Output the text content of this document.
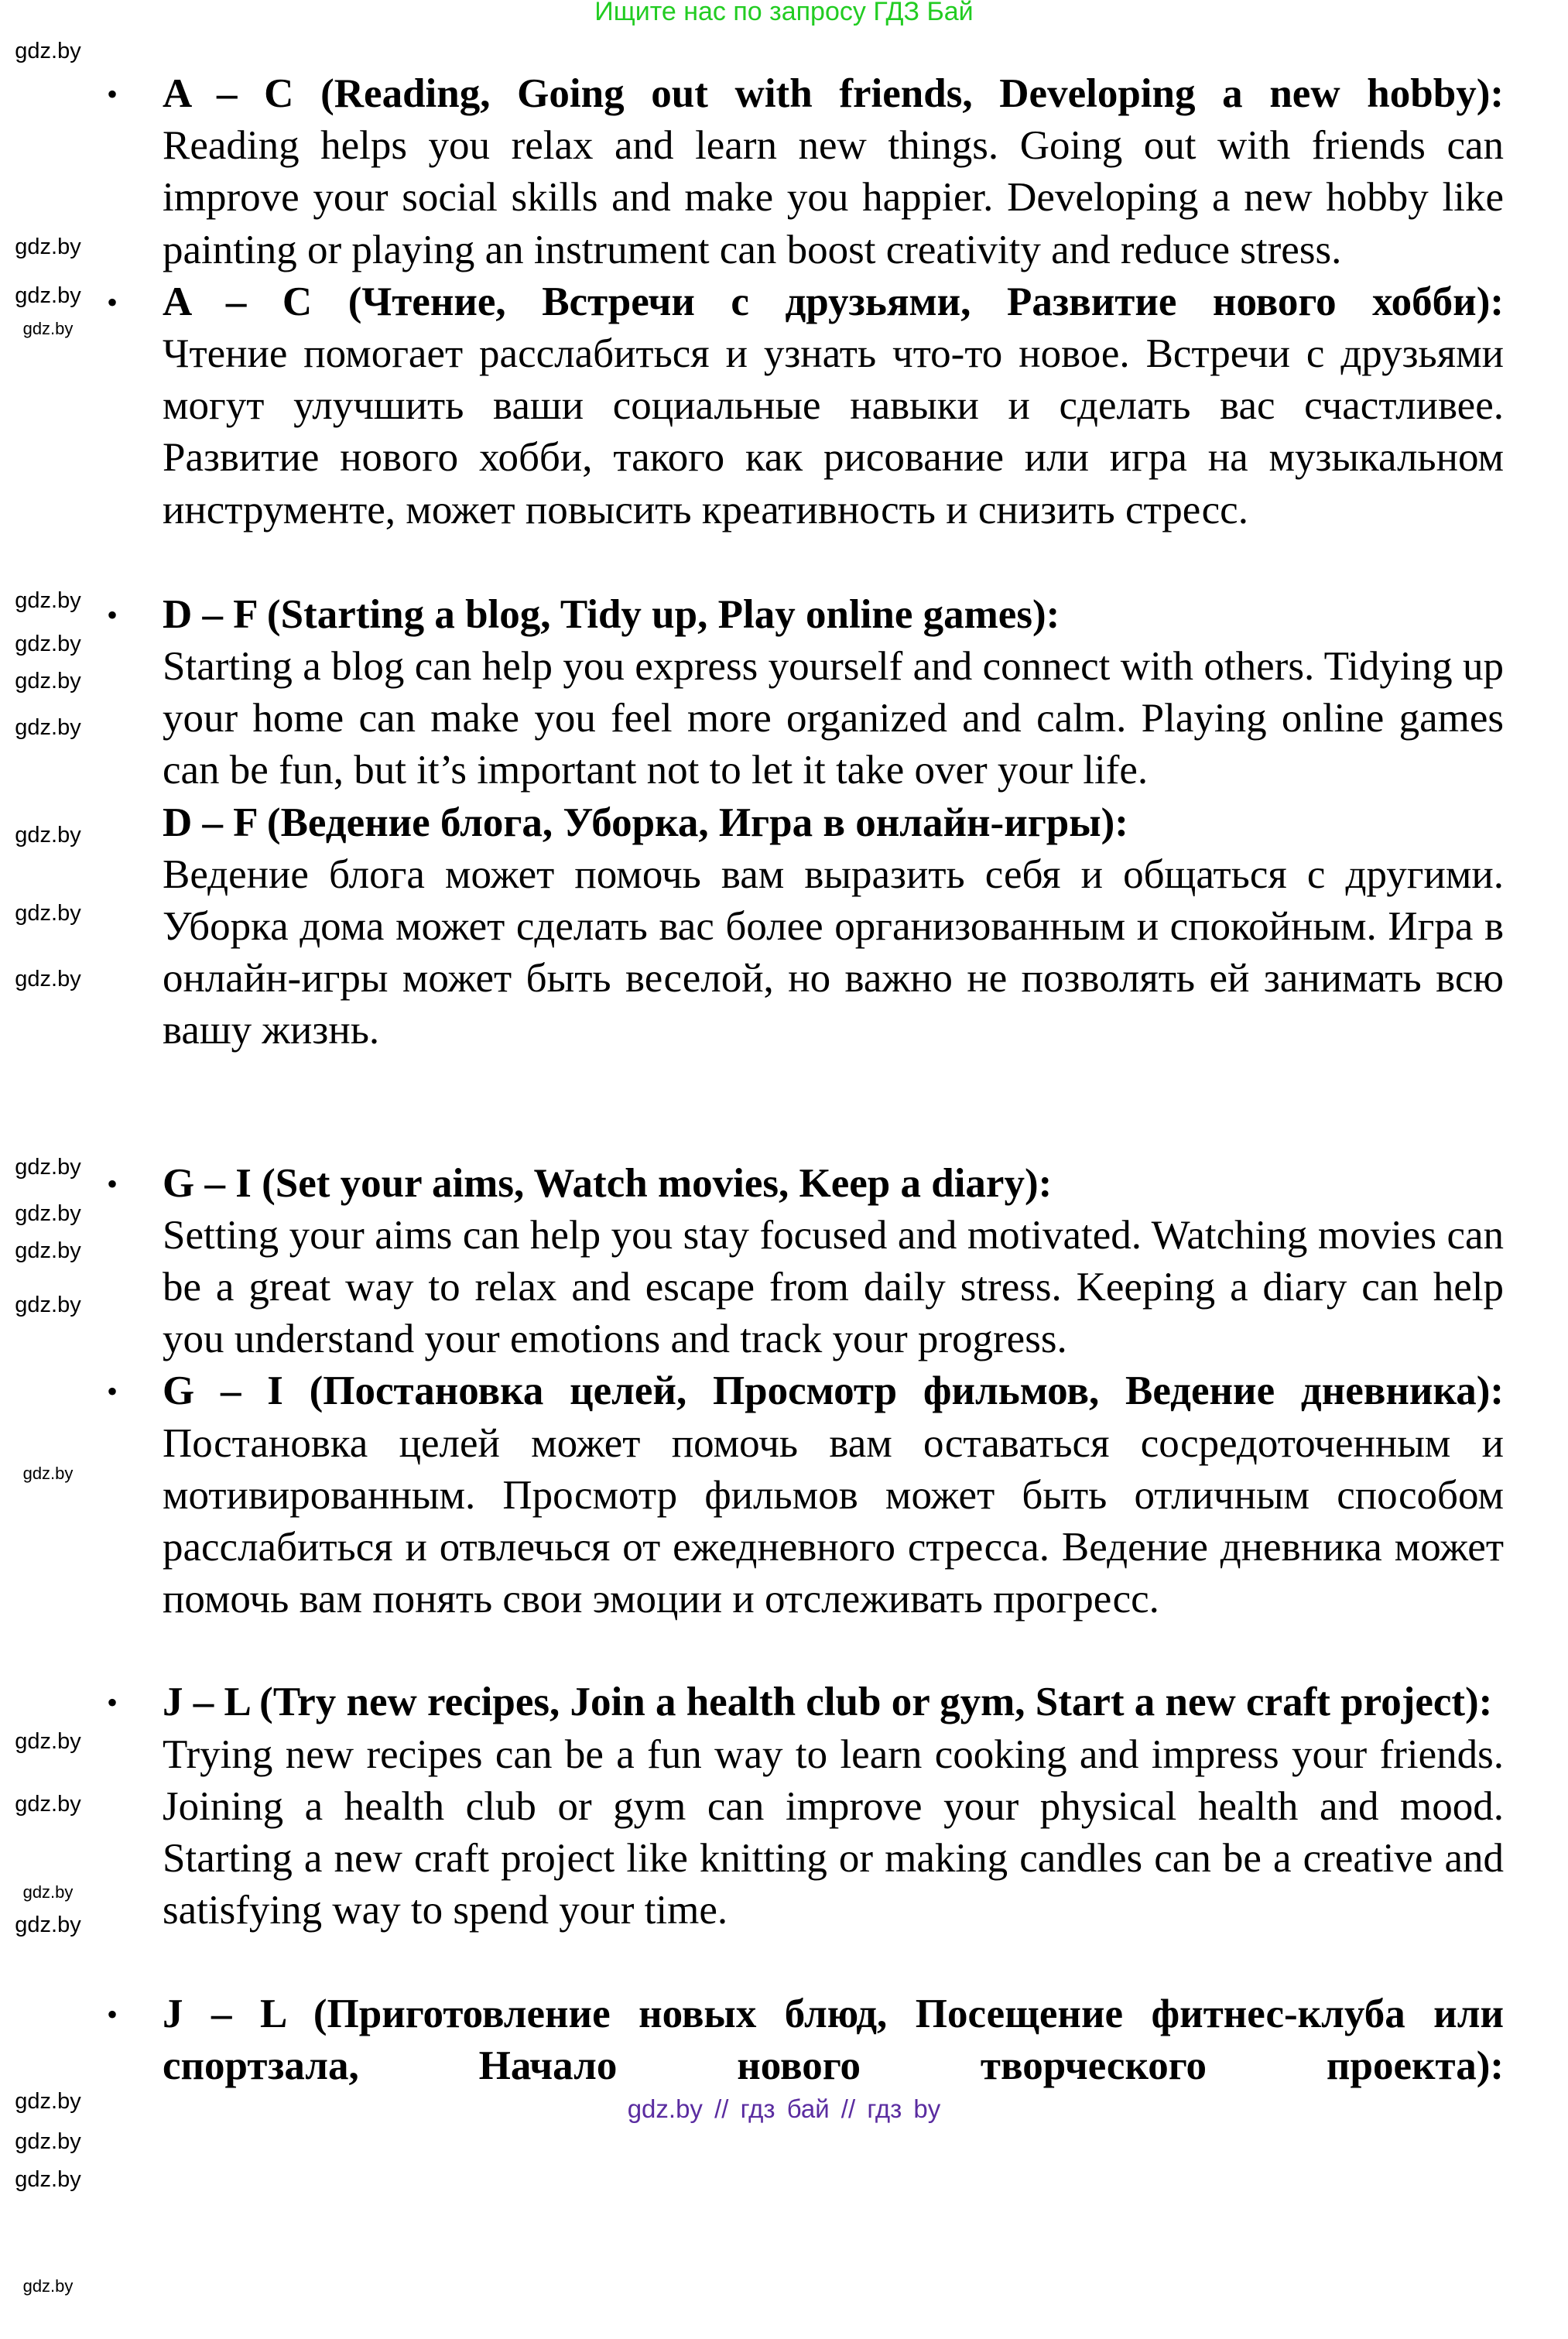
Ищите нас по запросу ГДЗ Бай
• A – C (Reading, Going out with friends, Developing a new hobby):
Reading helps you relax and learn new things. Going out with friends can improve your social skills and make you happier. Developing a new hobby like painting or playing an instrument can boost creativity and reduce stress.
• A – C (Чтение, Встречи с друзьями, Развитие нового хобби):
Чтение помогает расслабиться и узнать что-то новое. Встречи с друзьями могут улучшить ваши социальные навыки и сделать вас счастливее. Развитие нового хобби, такого как рисование или игра на музыкальном инструменте, может повысить креативность и снизить стресс.
• D – F (Starting a blog, Tidy up, Play online games):
Starting a blog can help you express yourself and connect with others. Tidying up your home can make you feel more organized and calm. Playing online games can be fun, but it’s important not to let it take over your life.
D – F (Ведение блога, Уборка, Игра в онлайн-игры):
Ведение блога может помочь вам выразить себя и общаться с другими. Уборка дома может сделать вас более организованным и спокойным. Игра в онлайн-игры может быть веселой, но важно не позволять ей занимать всю вашу жизнь.
• G – I (Set your aims, Watch movies, Keep a diary):
Setting your aims can help you stay focused and motivated. Watching movies can be a great way to relax and escape from daily stress. Keeping a diary can help you understand your emotions and track your progress.
• G – I (Постановка целей, Просмотр фильмов, Ведение дневника):
Постановка целей может помочь вам оставаться сосредоточенным и мотивированным. Просмотр фильмов может быть отличным способом расслабиться и отвлечься от ежедневного стресса. Ведение дневника может помочь вам понять свои эмоции и отслеживать прогресс.
• J – L (Try new recipes, Join a health club or gym, Start a new craft project):
Trying new recipes can be a fun way to learn cooking and impress your friends. Joining a health club or gym can improve your physical health and mood. Starting a new craft project like knitting or making candles can be a creative and satisfying way to spend your time.
• J – L (Приготовление новых блюд, Посещение фитнес-клуба или спортзала, Начало нового творческого проекта):
gdz.by // гдз бай // гдз by
gdz.by
gdz.by
gdz.by
gdz.by
gdz.by
gdz.by
gdz.by
gdz.by
gdz.by
gdz.by
gdz.by
gdz.by
gdz.by
gdz.by
gdz.by
gdz.by
gdz.by
gdz.by
gdz.by
gdz.by
gdz.by
gdz.by
gdz.by
gdz.by
